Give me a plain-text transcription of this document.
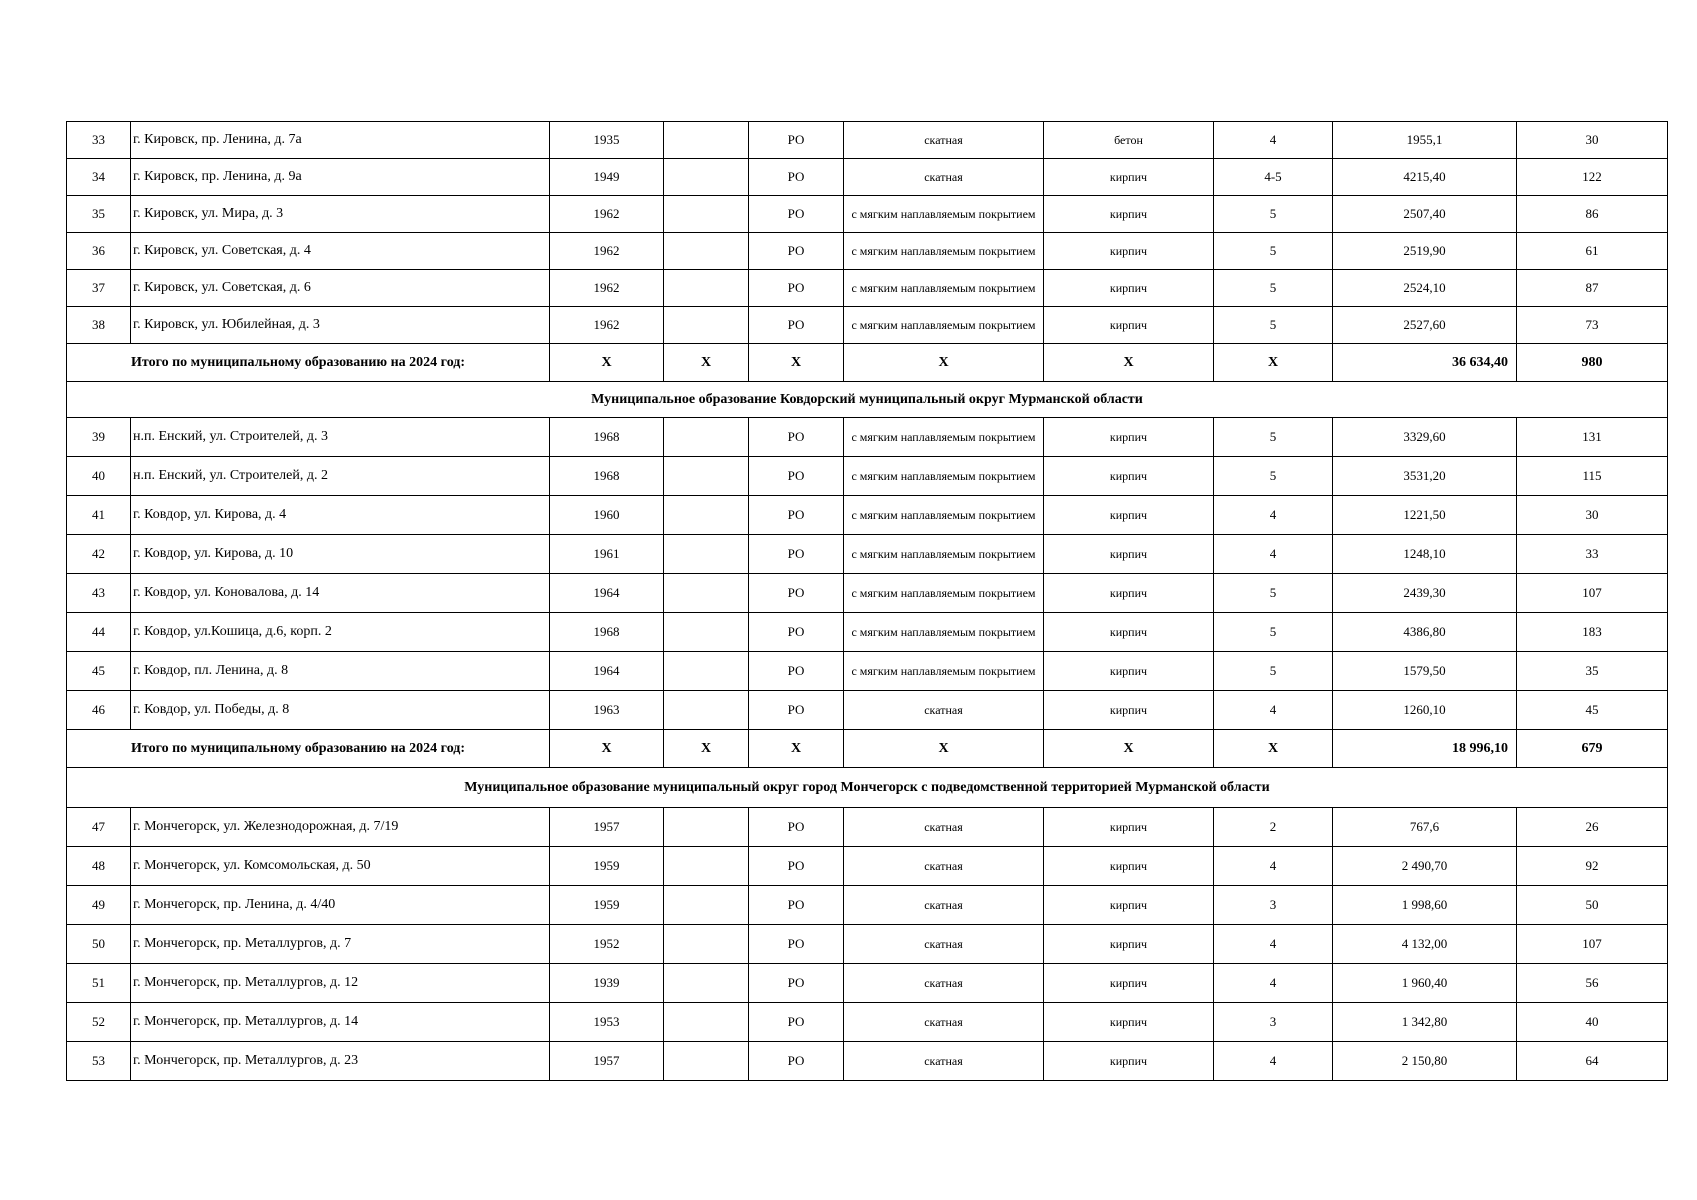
33	г. Кировск, пр. Ленина, д. 7а	1935		РО	скатная	бетон	4	1955,1	30
34	г. Кировск, пр. Ленина, д. 9а	1949		РО	скатная	кирпич	4-5	4215,40	122
35	г. Кировск, ул. Мира, д. 3	1962		РО	с мягким наплавляемым покрытием	кирпич	5	2507,40	86
36	г. Кировск, ул. Советская, д. 4	1962		РО	с мягким наплавляемым покрытием	кирпич	5	2519,90	61
37	г. Кировск, ул. Советская, д. 6	1962		РО	с мягким наплавляемым покрытием	кирпич	5	2524,10	87
38	г. Кировск, ул. Юбилейная, д. 3	1962		РО	с мягким наплавляемым покрытием	кирпич	5	2527,60	73
Итого по муниципальному образованию на 2024 год:		X	X	X	X	X	X	36 634,40	980
Муниципальное образование Ковдорский муниципальный округ Мурманской области									
39	н.п. Енский, ул. Строителей, д. 3	1968		РО	с мягким наплавляемым покрытием	кирпич	5	3329,60	131
40	н.п. Енский, ул. Строителей, д. 2	1968		РО	с мягким наплавляемым покрытием	кирпич	5	3531,20	115
41	г. Ковдор, ул. Кирова, д. 4	1960		РО	с мягким наплавляемым покрытием	кирпич	4	1221,50	30
42	г. Ковдор, ул. Кирова, д. 10	1961		РО	с мягким наплавляемым покрытием	кирпич	4	1248,10	33
43	г. Ковдор, ул. Коновалова, д. 14	1964		РО	с мягким наплавляемым покрытием	кирпич	5	2439,30	107
44	г. Ковдор, ул.Кошица, д.6, корп. 2	1968		РО	с мягким наплавляемым покрытием	кирпич	5	4386,80	183
45	г. Ковдор, пл. Ленина, д. 8	1964		РО	с мягким наплавляемым покрытием	кирпич	5	1579,50	35
46	г. Ковдор, ул. Победы, д. 8	1963		РО	скатная	кирпич	4	1260,10	45
Итого по муниципальному образованию на 2024 год:		X	X	X	X	X	X	18 996,10	679
Муниципальное образование муниципальный округ город Мончегорск с подведомственной территорией Мурманской области									
47	г. Мончегорск, ул. Железнодорожная, д. 7/19	1957		РО	скатная	кирпич	2	767,6	26
48	г. Мончегорск, ул. Комсомольская, д. 50	1959		РО	скатная	кирпич	4	2 490,70	92
49	г. Мончегорск, пр. Ленина, д. 4/40	1959		РО	скатная	кирпич	3	1 998,60	50
50	г. Мончегорск, пр. Металлургов, д. 7	1952		РО	скатная	кирпич	4	4 132,00	107
51	г. Мончегорск, пр. Металлургов, д. 12	1939		РО	скатная	кирпич	4	1 960,40	56
52	г. Мончегорск, пр. Металлургов, д. 14	1953		РО	скатная	кирпич	3	1 342,80	40
53	г. Мончегорск, пр. Металлургов, д. 23	1957		РО	скатная	кирпич	4	2 150,80	64
